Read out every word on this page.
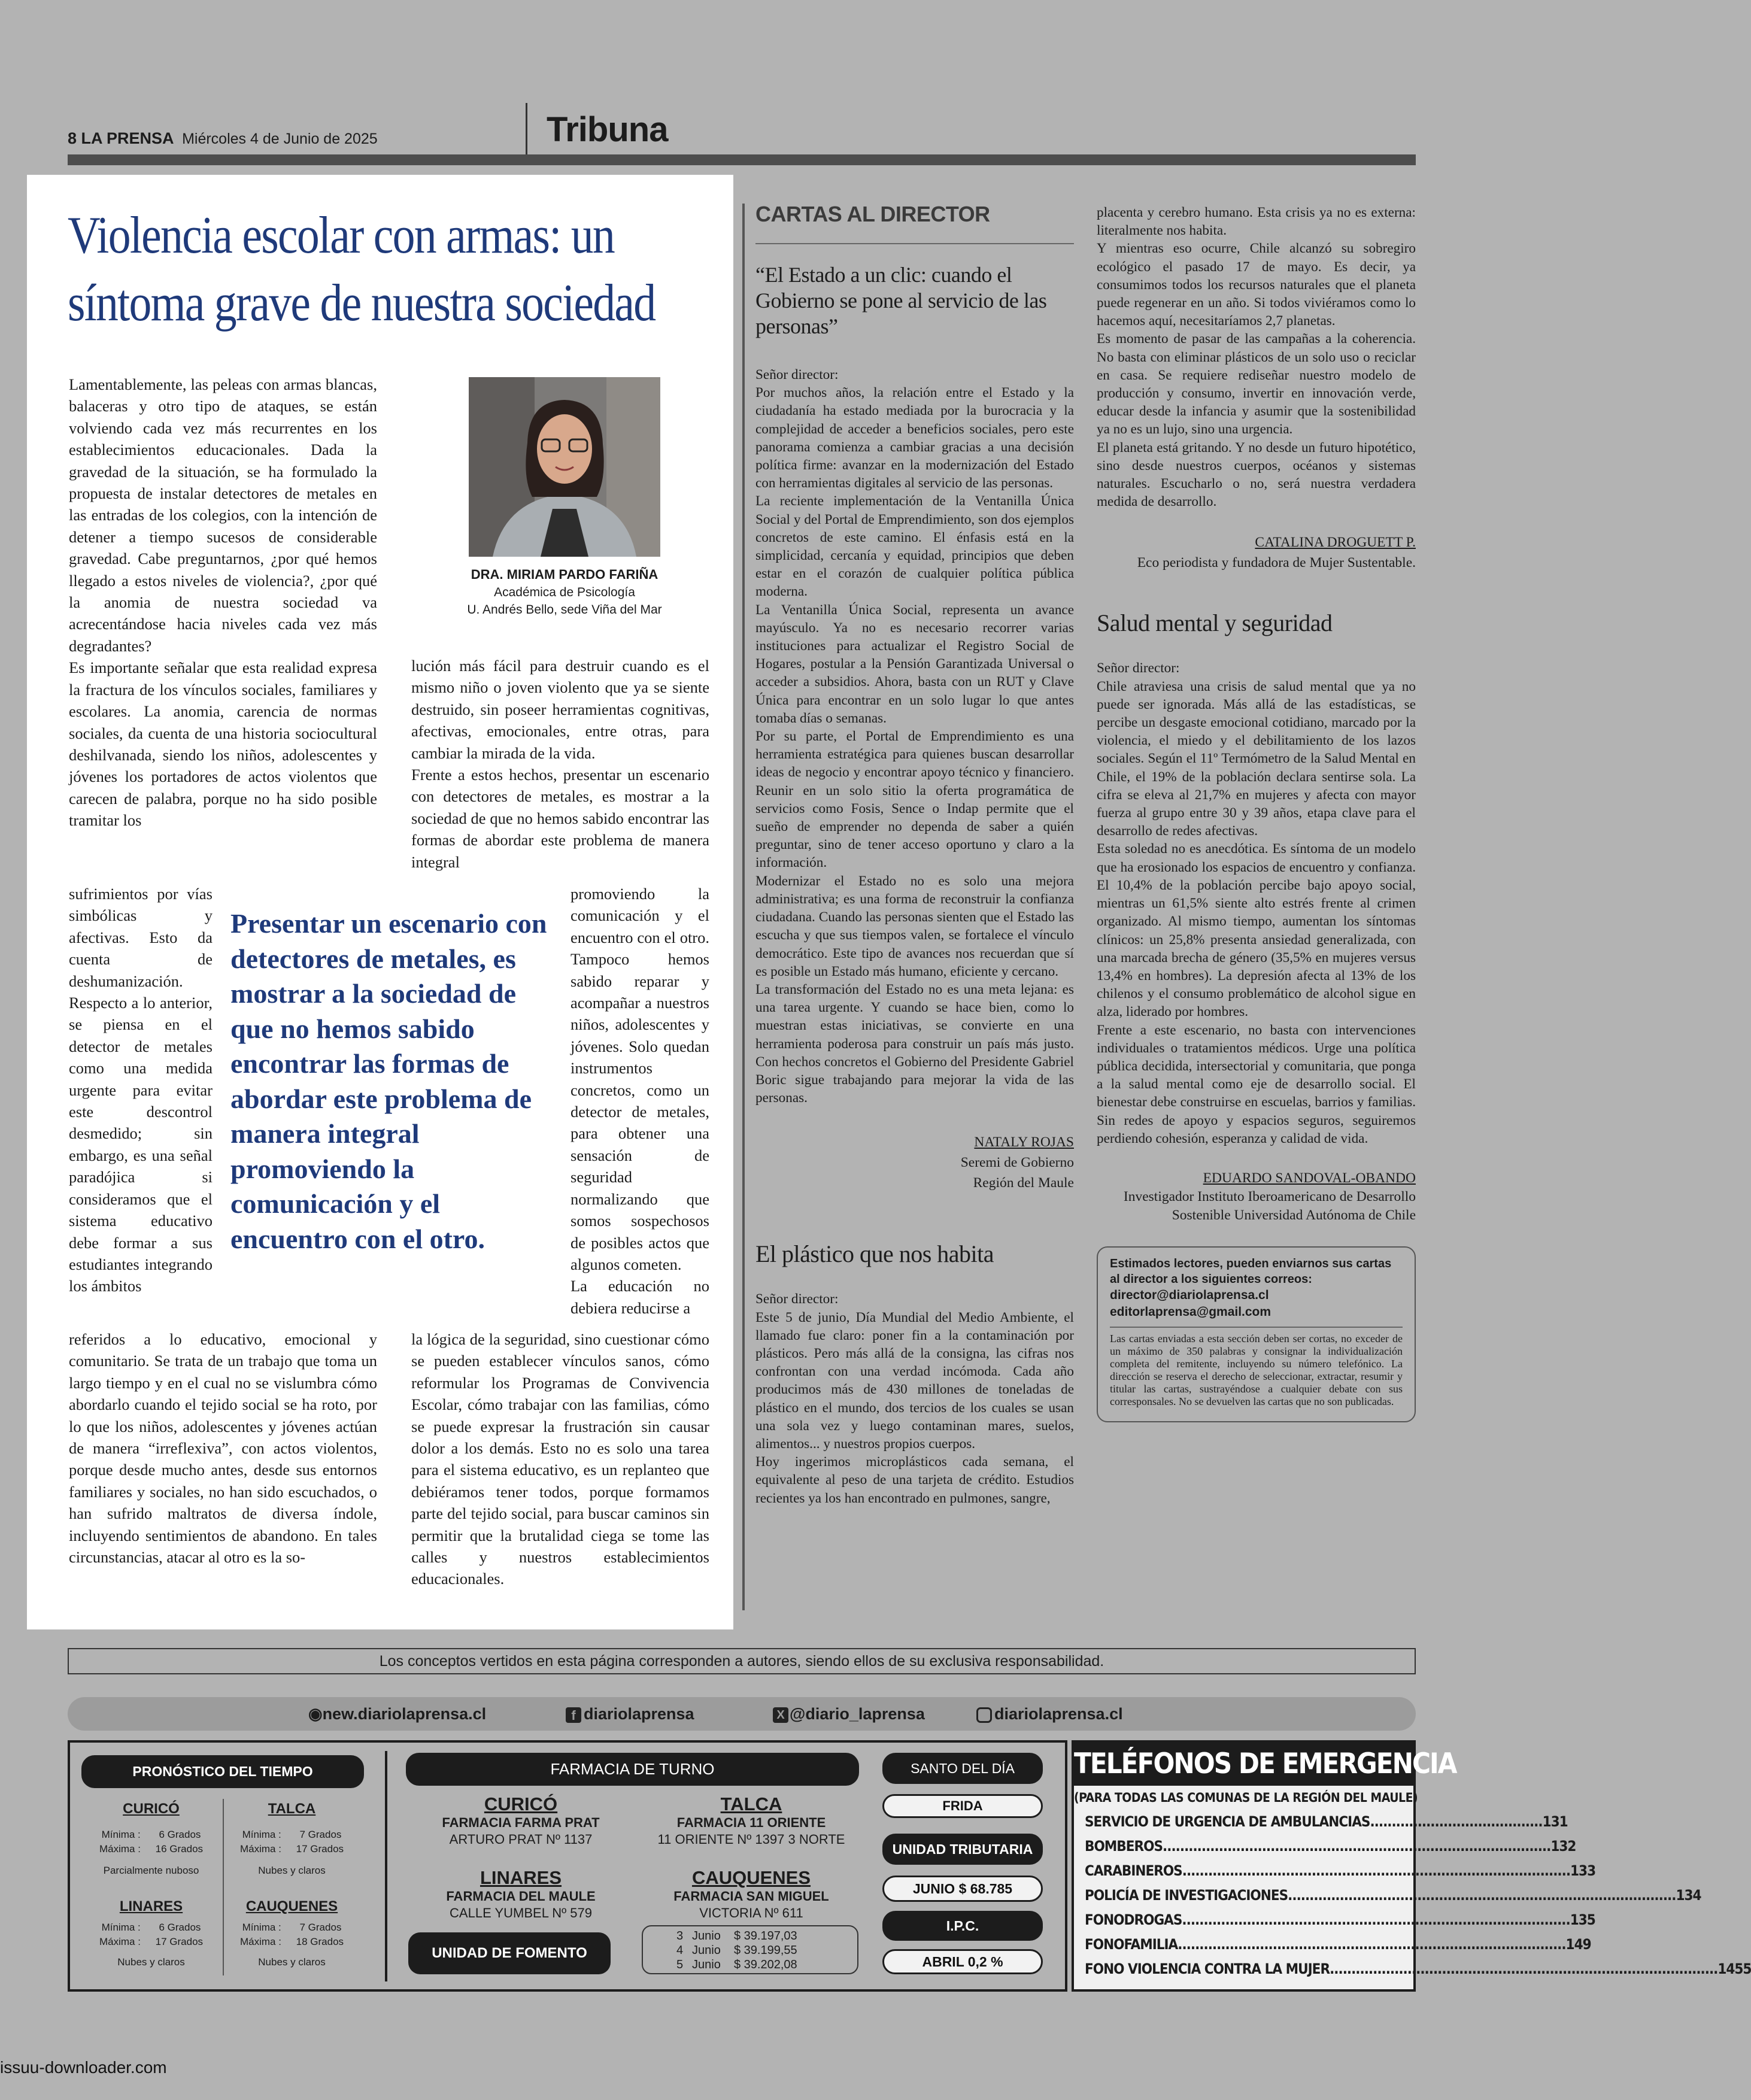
8 LA PRENSA Miércoles 4 de Junio de 2025	Tribuna
Violencia escolar con armas: un síntoma grave de nuestra sociedad

Lamentablemente, las peleas con armas blancas, balaceras y otro tipo de ataques, se están volviendo cada vez más recurrentes en los establecimientos educacionales. Dada la gravedad de la situación, se ha formulado la propuesta de instalar detectores de metales en las entradas de los colegios, con la intención de detener a tiempo sucesos de considerable gravedad. Cabe preguntarnos, ¿por qué hemos llegado a estos niveles de violencia?, ¿por qué la anomia de nuestra sociedad va acrecentándose hacia niveles cada vez más degradantes?

Es importante señalar que esta realidad expresa la fractura de los vínculos sociales, familiares y escolares. La anomia, carencia de normas sociales, da cuenta de una historia sociocultural deshilvanada, siendo los niños, adolescentes y jóvenes los portadores de actos violentos que carecen de palabra, porque no ha sido posible tramitar los

sufrimientos por vías simbólicas y afectivas. Esto da cuenta de deshumanización.

Respecto a lo anterior, se piensa en el detector de metales como una medida urgente para evitar este descontrol desmedido; sin embargo, es una señal paradójica si consideramos que el sistema educativo debe formar a sus estudiantes integrando los ámbitos

referidos a lo educativo, emocional y comunitario. Se trata de un trabajo que toma un largo tiempo y en el cual no se vislumbra cómo abordarlo cuando el tejido social se ha roto, por lo que los niños, adolescentes y jóvenes actúan de manera “irreflexiva”, con actos violentos, porque desde mucho antes, desde sus entornos familiares y sociales, no han sido escuchados, o han sufrido maltratos de diversa índole, incluyendo sentimientos de abandono. En tales circunstancias, atacar al otro es la so-

DRA. MIRIAM PARDO FARIÑA
Académica de Psicología
U. Andrés Bello, sede Viña del Mar

lución más fácil para destruir cuando es el mismo niño o joven violento que ya se siente destruido, sin poseer herramientas cognitivas, afectivas, emocionales, entre otras, para cambiar la mirada de la vida.

Frente a estos hechos, presentar un escenario con detectores de metales, es mostrar a la sociedad de que no hemos sabido encontrar las formas de abordar este problema de manera integral

promoviendo la comunicación y el encuentro con el otro. Tampoco hemos sabido reparar y acompañar a nuestros niños, adolescentes y jóvenes. Solo quedan instrumentos concretos, como un detector de metales, para obtener una sensación de seguridad normalizando que somos sospechosos de posibles actos que algunos cometen.

La educación no debiera reducirse a

la lógica de la seguridad, sino cuestionar cómo se pueden establecer vínculos sanos, cómo reformular los Programas de Convivencia Escolar, cómo trabajar con las familias, cómo se puede expresar la frustración sin causar dolor a los demás. Esto no es solo una tarea para el sistema educativo, es un replanteo que debiéramos tener todos, porque formamos parte del tejido social, para buscar caminos sin permitir que la brutalidad ciega se tome las calles y nuestros establecimientos educacionales.

Presentar un escenario con detectores de metales, es mostrar a la sociedad de que no hemos sabido encontrar las formas de abordar este problema de manera integral promoviendo la comunicación y el encuentro con el otro.
CARTAS AL DIRECTOR
“El Estado a un clic: cuando el Gobierno se pone al servicio de las personas”

Señor director:

Por muchos años, la relación entre el Estado y la ciudadanía ha estado mediada por la burocracia y la complejidad de acceder a beneficios sociales, pero este panorama comienza a cambiar gracias a una decisión política firme: avanzar en la modernización del Estado con herramientas digitales al servicio de las personas.

La reciente implementación de la Ventanilla Única Social y del Portal de Emprendimiento, son dos ejemplos concretos de este camino. El énfasis está en la simplicidad, cercanía y equidad, principios que deben estar en el corazón de cualquier política pública moderna.

La Ventanilla Única Social, representa un avance mayúsculo. Ya no es necesario recorrer varias instituciones para actualizar el Registro Social de Hogares, postular a la Pensión Garantizada Universal o acceder a subsidios. Ahora, basta con un RUT y Clave Única para encontrar en un solo lugar lo que antes tomaba días o semanas.

Por su parte, el Portal de Emprendimiento es una herramienta estratégica para quienes buscan desarrollar ideas de negocio y encontrar apoyo técnico y financiero. Reunir en un solo sitio la oferta programática de servicios como Fosis, Sence o Indap permite que el sueño de emprender no dependa de saber a quién preguntar, sino de tener acceso oportuno y claro a la información.

Modernizar el Estado no es solo una mejora administrativa; es una forma de reconstruir la confianza ciudadana. Cuando las personas sienten que el Estado las escucha y que sus tiempos valen, se fortalece el vínculo democrático. Este tipo de avances nos recuerdan que sí es posible un Estado más humano, eficiente y cercano.

La transformación del Estado no es una meta lejana: es una tarea urgente. Y cuando se hace bien, como lo muestran estas iniciativas, se convierte en una herramienta poderosa para construir un país más justo. Con hechos concretos el Gobierno del Presidente Gabriel Boric sigue trabajando para mejorar la vida de las personas.

NATALY ROJAS
Seremi de Gobierno
Región del Maule
El plástico que nos habita

Señor director:

Este 5 de junio, Día Mundial del Medio Ambiente, el llamado fue claro: poner fin a la contaminación por plásticos. Pero más allá de la consigna, las cifras nos confrontan con una verdad incómoda. Cada año producimos más de 430 millones de toneladas de plástico en el mundo, dos tercios de los cuales se usan una sola vez y luego contaminan mares, suelos, alimentos... y nuestros propios cuerpos.

Hoy ingerimos microplásticos cada semana, el equivalente al peso de una tarjeta de crédito. Estudios recientes ya los han encontrado en pulmones, sangre,

placenta y cerebro humano. Esta crisis ya no es externa: literalmente nos habita.

Y mientras eso ocurre, Chile alcanzó su sobregiro ecológico el pasado 17 de mayo. Es decir, ya consumimos todos los recursos naturales que el planeta puede regenerar en un año. Si todos viviéramos como lo hacemos aquí, necesitaríamos 2,7 planetas.

Es momento de pasar de las campañas a la coherencia. No basta con eliminar plásticos de un solo uso o reciclar en casa. Se requiere rediseñar nuestro modelo de producción y consumo, invertir en innovación verde, educar desde la infancia y asumir que la sostenibilidad ya no es un lujo, sino una urgencia.

El planeta está gritando. Y no desde un futuro hipotético, sino desde nuestros cuerpos, océanos y sistemas naturales. Escucharlo o no, será nuestra verdadera medida de desarrollo.

CATALINA DROGUETT P.
Eco periodista y fundadora de Mujer Sustentable.
Salud mental y seguridad

Señor director:

Chile atraviesa una crisis de salud mental que ya no puede ser ignorada. Más allá de las estadísticas, se percibe un desgaste emocional cotidiano, marcado por la violencia, el miedo y el debilitamiento de los lazos sociales. Según el 11º Termómetro de la Salud Mental en Chile, el 19% de la población declara sentirse sola. La cifra se eleva al 21,7% en mujeres y afecta con mayor fuerza al grupo entre 30 y 39 años, etapa clave para el desarrollo de redes afectivas.

Esta soledad no es anecdótica. Es síntoma de un modelo que ha erosionado los espacios de encuentro y confianza. El 10,4% de la población percibe bajo apoyo social, mientras un 61,5% siente alto estrés frente al crimen organizado. Al mismo tiempo, aumentan los síntomas clínicos: un 25,8% presenta ansiedad generalizada, con una marcada brecha de género (35,5% en mujeres versus 13,4% en hombres). La depresión afecta al 13% de los chilenos y el consumo problemático de alcohol sigue en alza, liderado por hombres.

Frente a este escenario, no basta con intervenciones individuales o tratamientos médicos. Urge una política pública decidida, intersectorial y comunitaria, que ponga a la salud mental como eje de desarrollo social. El bienestar debe construirse en escuelas, barrios y familias. Sin redes de apoyo y espacios seguros, seguiremos perdiendo cohesión, esperanza y calidad de vida.

EDUARDO SANDOVAL-OBANDO
Investigador Instituto Iberoamericano de Desarrollo
Sostenible Universidad Autónoma de Chile
Estimados lectores, pueden enviarnos sus cartas al director a los siguientes correos:
director@diariolaprensa.cl
editorlaprensa@gmail.com
Las cartas enviadas a esta sección deben ser cortas, no exceder de un máximo de 350 palabras y consignar la individualización completa del remitente, incluyendo su número telefónico. La dirección se reserva el derecho de seleccionar, extractar, resumir y titular las cartas, sustrayéndose a cualquier debate con sus corresponsales. No se devuelven las cartas que no son publicadas.
Los conceptos vertidos en esta página corresponden a autores, siendo ellos de su exclusiva responsabilidad.
◉new.diariolaprensa.cl	f diariolaprensa	X @diario_laprensa	diariolaprensa.cl
PRONÓSTICO DEL TIEMPO
CURICÓ
Mínima : 6 Grados
Máxima : 16 Grados
Parcialmente nuboso
TALCA
Mínima : 7 Grados
Máxima : 17 Grados
Nubes y claros
LINARES
Mínima : 6 Grados
Máxima : 17 Grados
Nubes y claros
CAUQUENES
Mínima : 7 Grados
Máxima : 18 Grados
Nubes y claros
FARMACIA DE TURNO
CURICÓ
FARMACIA FARMA PRAT
ARTURO PRAT Nº 1137
TALCA
FARMACIA 11 ORIENTE
11 ORIENTE Nº 1397 3 NORTE
LINARES
FARMACIA DEL MAULE
CALLE YUMBEL Nº 579
CAUQUENES
FARMACIA SAN MIGUEL
VICTORIA Nº 611
UNIDAD DE FOMENTO
3 Junio $ 39.197,03
4 Junio $ 39.199,55
5 Junio $ 39.202,08
SANTO DEL DÍA
FRIDA
UNIDAD TRIBUTARIA
JUNIO $ 68.785
I.P.C.
ABRIL 0,2 %
TELÉFONOS DE EMERGENCIA
(PARA TODAS LAS COMUNAS DE LA REGIÓN DEL MAULE)
SERVICIO DE URGENCIA DE AMBULANCIAS ........................................ 131
BOMBEROS .......................................................................................... 132
CARABINEROS .......................................................................................... 133
POLICÍA DE INVESTIGACIONES .......................................................................................... 134
FONODROGAS .......................................................................................... 135
FONOFAMILIA .......................................................................................... 149
FONO VIOLENCIA CONTRA LA MUJER .......................................................................................... 1455
issuu-downloader.com
